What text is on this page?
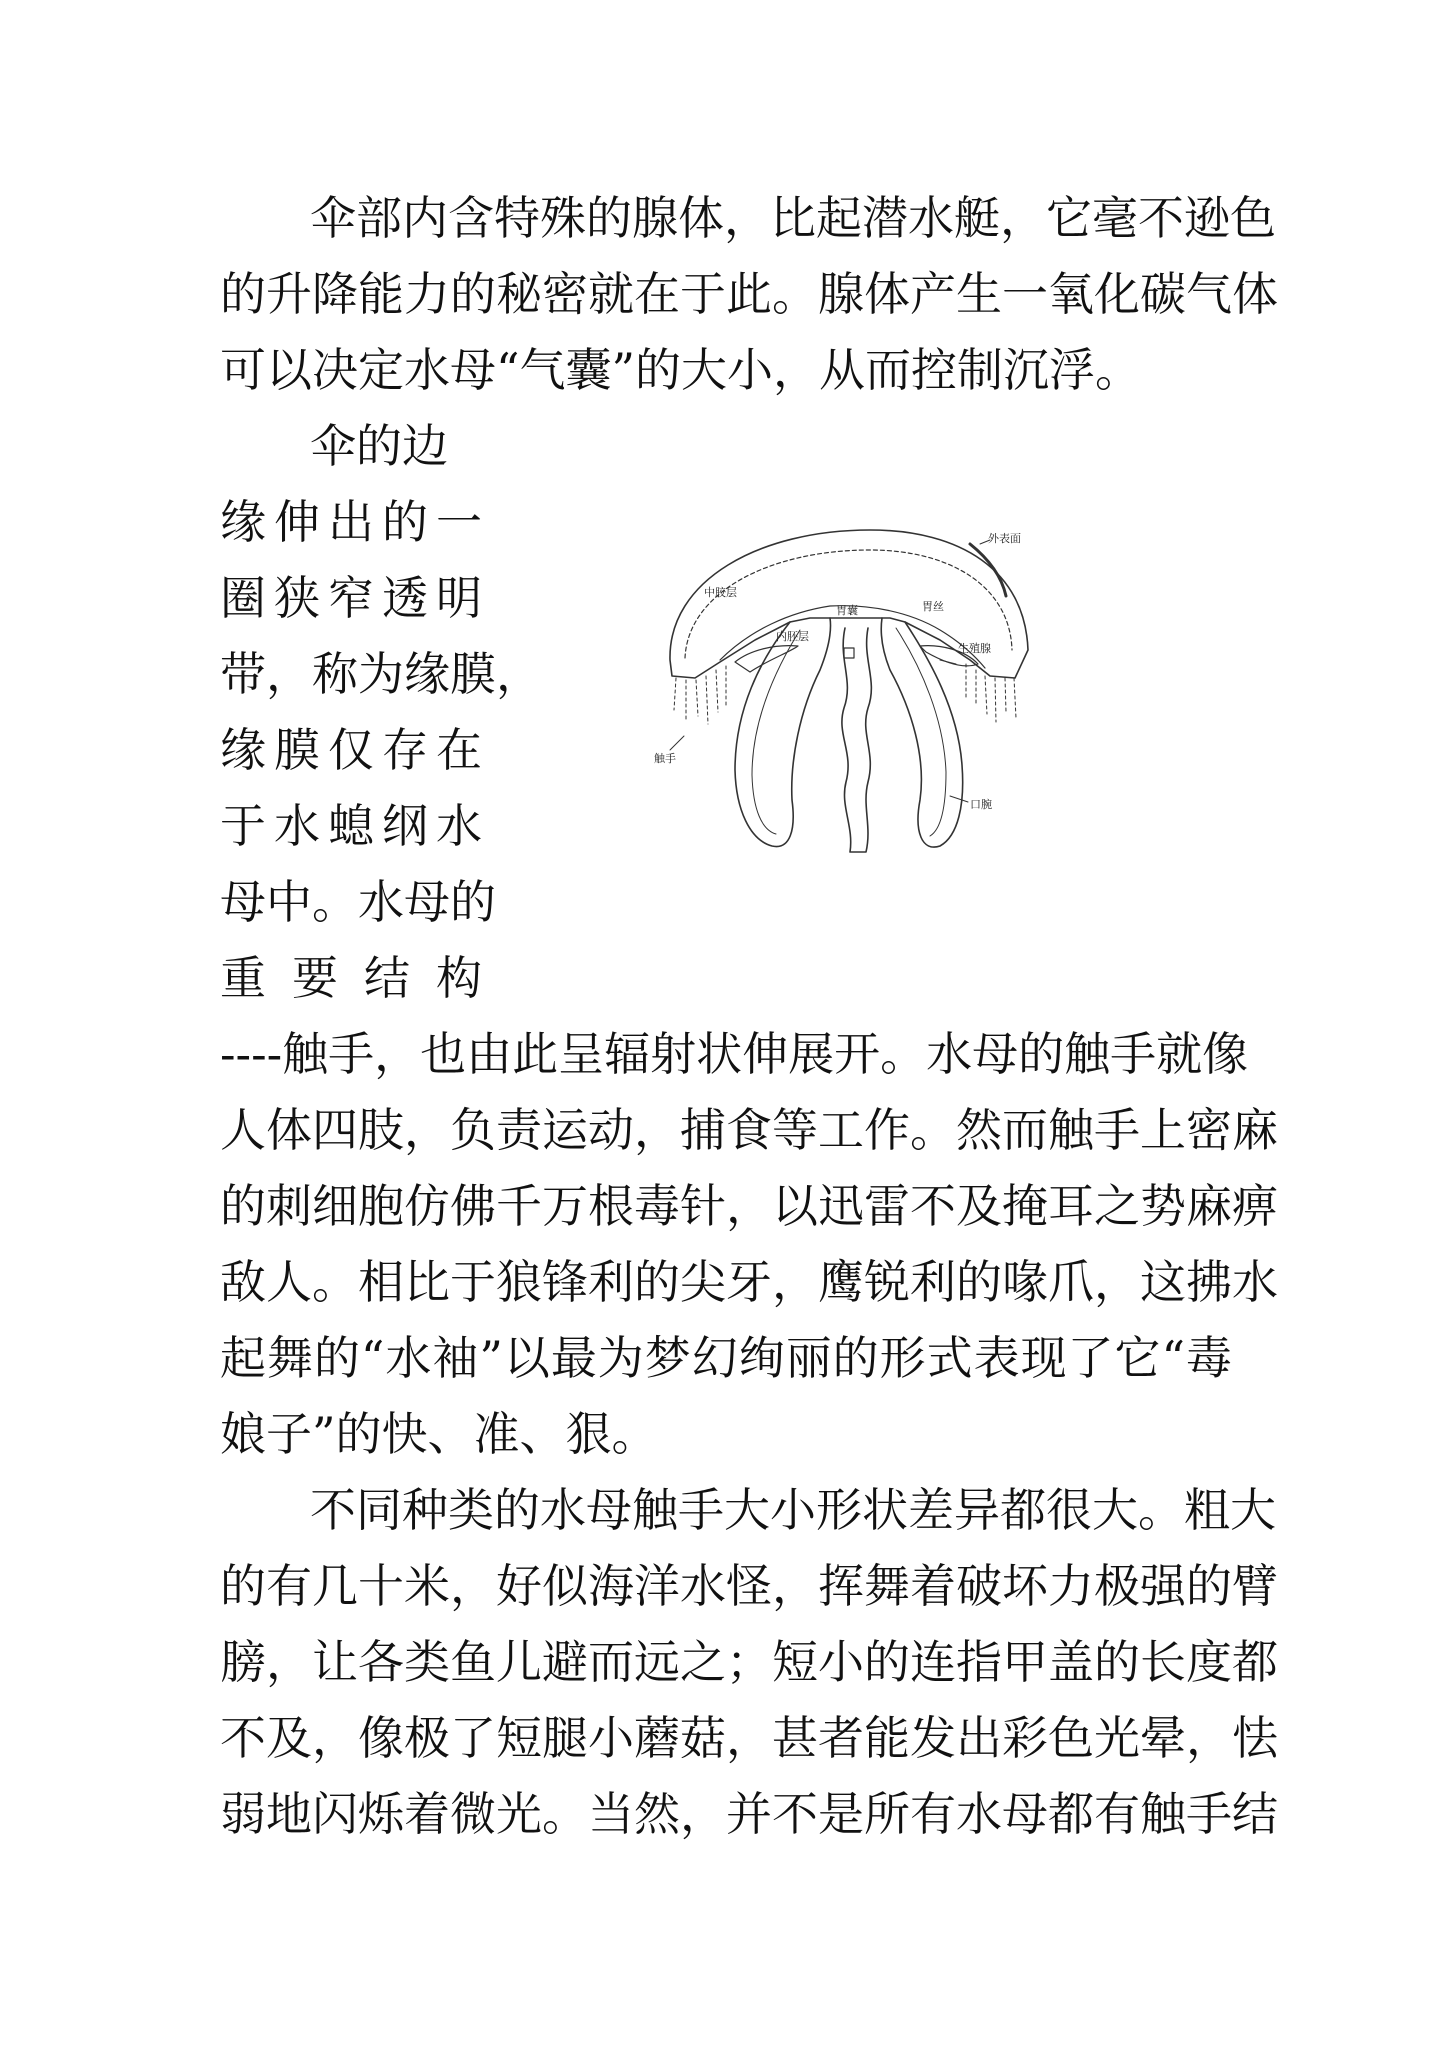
伞部内含特殊的腺体，比起潜水艇，它毫不逊色
的升降能力的秘密就在于此。腺体产生一氧化碳气体
可以决定水母“气囊”的大小，从而控制沉浮。
伞的边
缘伸出的一
圈狭窄透明
带，称为缘膜，
缘膜仅存在
于水螅纲水
母中。水母的
重要结构
----触手，也由此呈辐射状伸展开。水母的触手就像
人体四肢，负责运动，捕食等工作。然而触手上密麻
的刺细胞仿佛千万根毒针，以迅雷不及掩耳之势麻痹
敌人。相比于狼锋利的尖牙，鹰锐利的喙爪，这拂水
起舞的“水袖”以最为梦幻绚丽的形式表现了它“毒
娘子”的快、准、狠。
不同种类的水母触手大小形状差异都很大。粗大
的有几十米，好似海洋水怪，挥舞着破坏力极强的臂
膀，让各类鱼儿避而远之；短小的连指甲盖的长度都
不及，像极了短腿小蘑菇，甚者能发出彩色光晕，怯
弱地闪烁着微光。当然，并不是所有水母都有触手结
外表面
中胶层
胃囊	胃丝
内胚层
生殖腺
触手
口腕
